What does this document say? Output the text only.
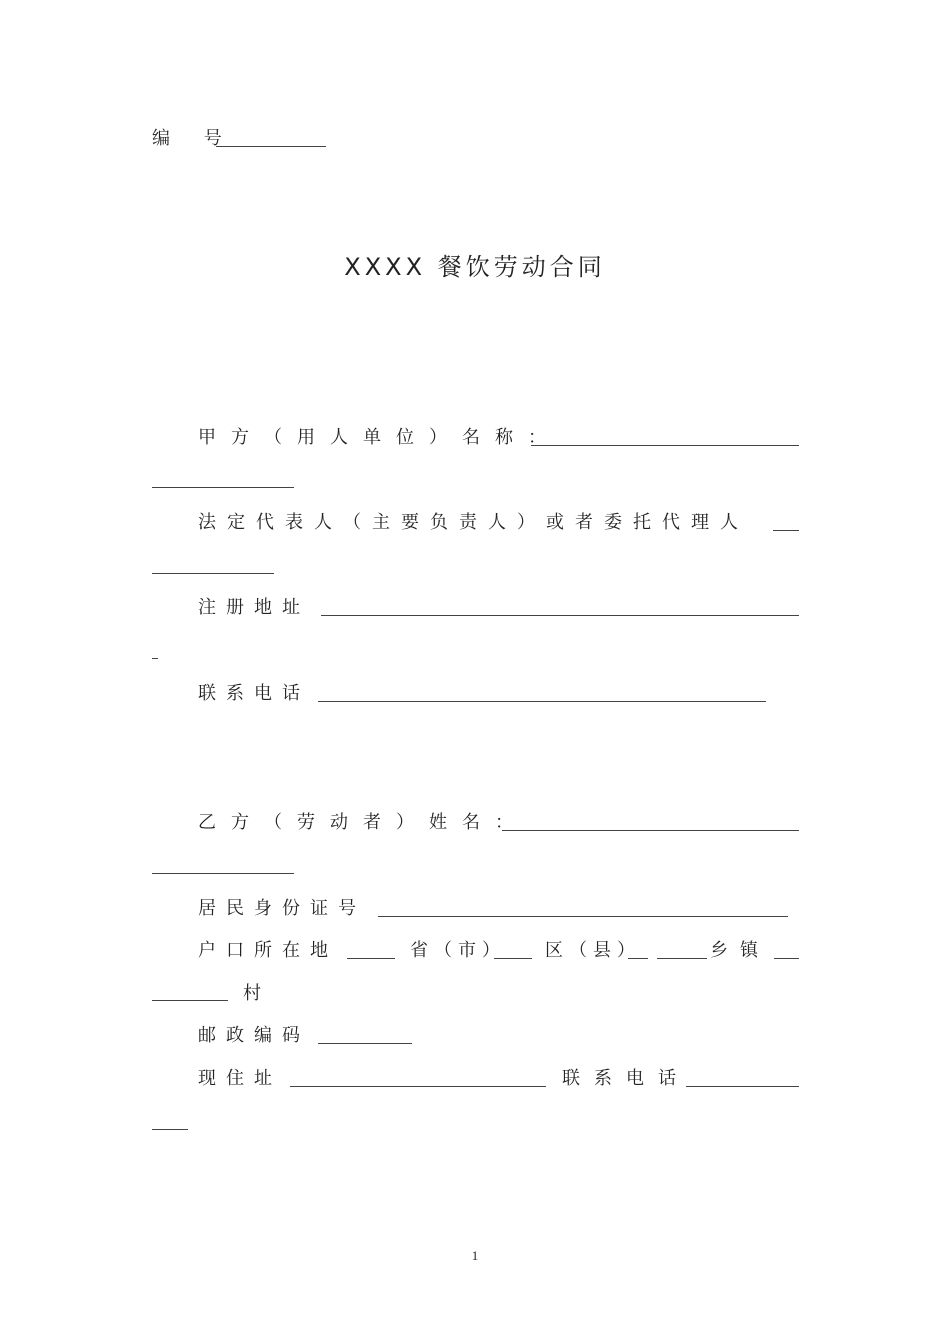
编 号
XXXX 餐饮劳动合同
甲方（用人单位）名称：
法定代表人（主要负责人）或者委托代理人
注册地址
联系电话
乙方（劳动者）姓名：
居民身份证号
户口所在地	省（市） 区（县）	乡镇
村
邮政编码
现住址	联系电话
1
